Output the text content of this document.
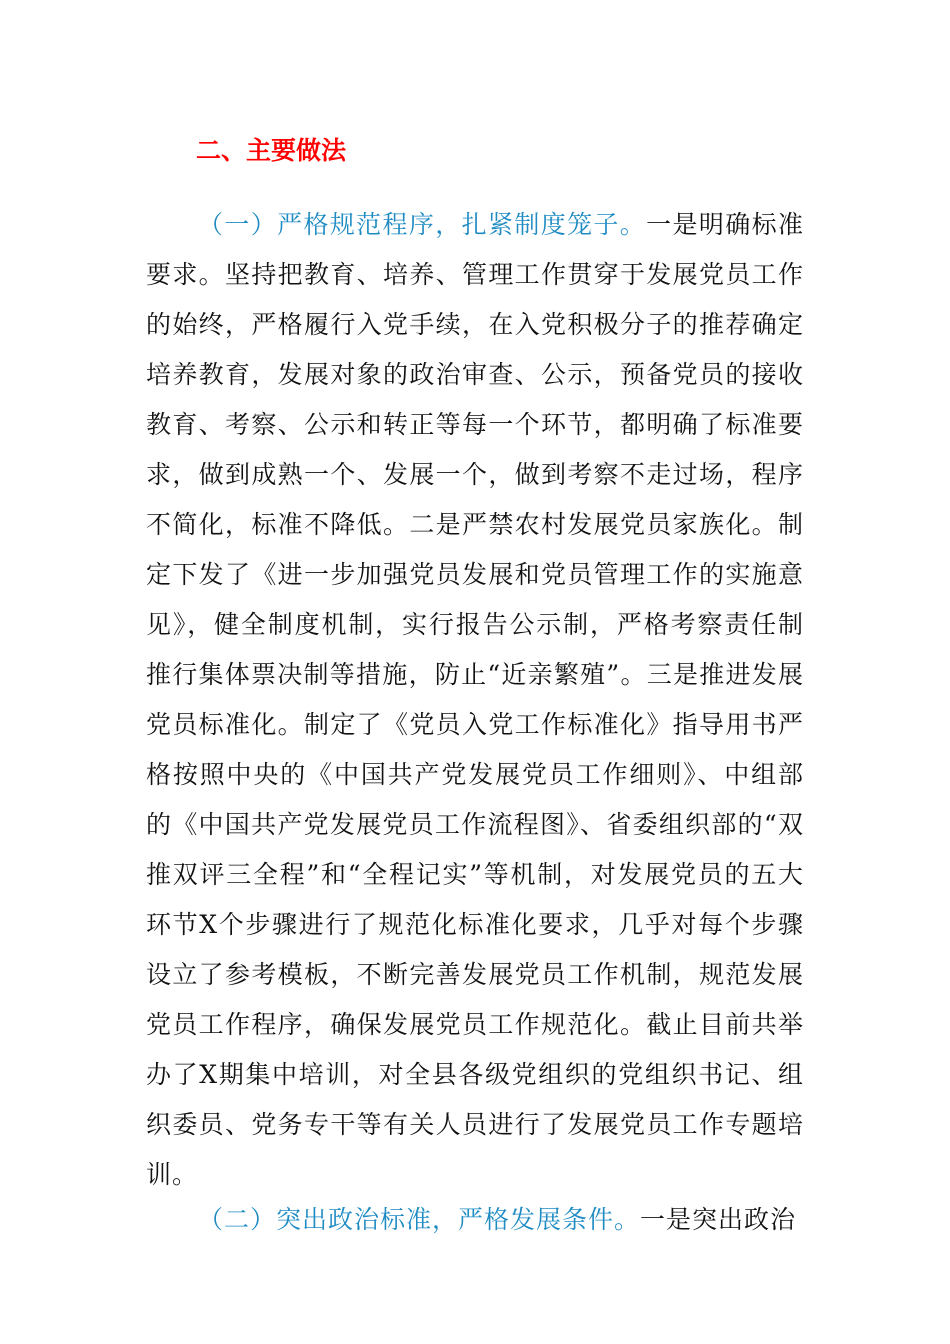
二、主要做法

（一）严格规范程序，扎紧制度笼子。一是明确标准要求。坚持把教育、培养、管理工作贯穿于发展党员工作的始终，严格履行入党手续，在入党积极分子的推荐确定培养教育，发展对象的政治审查、公示，预备党员的接收教育、考察、公示和转正等每一个环节，都明确了标准要求，做到成熟一个、发展一个，做到考察不走过场，程序不简化，标准不降低。二是严禁农村发展党员家族化。制定下发了《进一步加强党员发展和党员管理工作的实施意见》，健全制度机制，实行报告公示制，严格考察责任制推行集体票决制等措施，防止“近亲繁殖”。三是推进发展党员标准化。制定了《党员入党工作标准化》指导用书严格按照中央的《中国共产党发展党员工作细则》、中组部的《中国共产党发展党员工作流程图》、省委组织部的“双推双评三全程”和“全程记实”等机制，对发展党员的五大环节X个步骤进行了规范化标准化要求，几乎对每个步骤设立了参考模板，不断完善发展党员工作机制，规范发展党员工作程序，确保发展党员工作规范化。截止目前共举办了X期集中培训，对全县各级党组织的党组织书记、组织委员、党务专干等有关人员进行了发展党员工作专题培训。

（二）突出政治标准，严格发展条件。一是突出政治
